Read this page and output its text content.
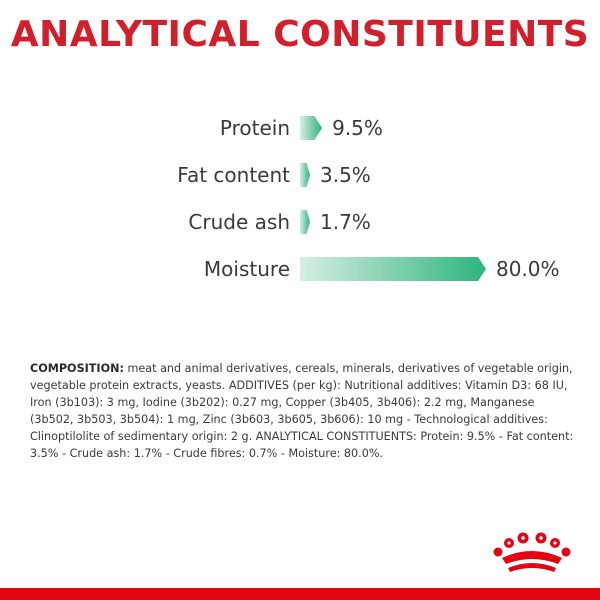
ANALYTICAL CONSTITUENTS
Protein 9.5%
Fat content 3.5%
Crude ash 1.7%
Moisture	80.0%

COMPOSITION: meat and animal derivatives, cereals, minerals, derivatives of vegetable origin, vegetable protein extracts, yeasts. ADDITIVES (per kg): Nutritional additives: Vitamin D3: 68 IU, Iron (3b103): 3 mg, Iodine (3b202): 0.27 mg, Copper (3b405, 3b406): 2.2 mg, Manganese (3b502, 3b503, 3b504): 1 mg, Zinc (3b603, 3b605, 3b606): 10 mg - Technological additives: Clinoptilolite of sedimentary origin: 2 g. ANALYTICAL CONSTITUENTS: Protein: 9.5% - Fat content: 3.5% - Crude ash: 1.7% - Crude fibres: 0.7% - Moisture: 80.0%.
